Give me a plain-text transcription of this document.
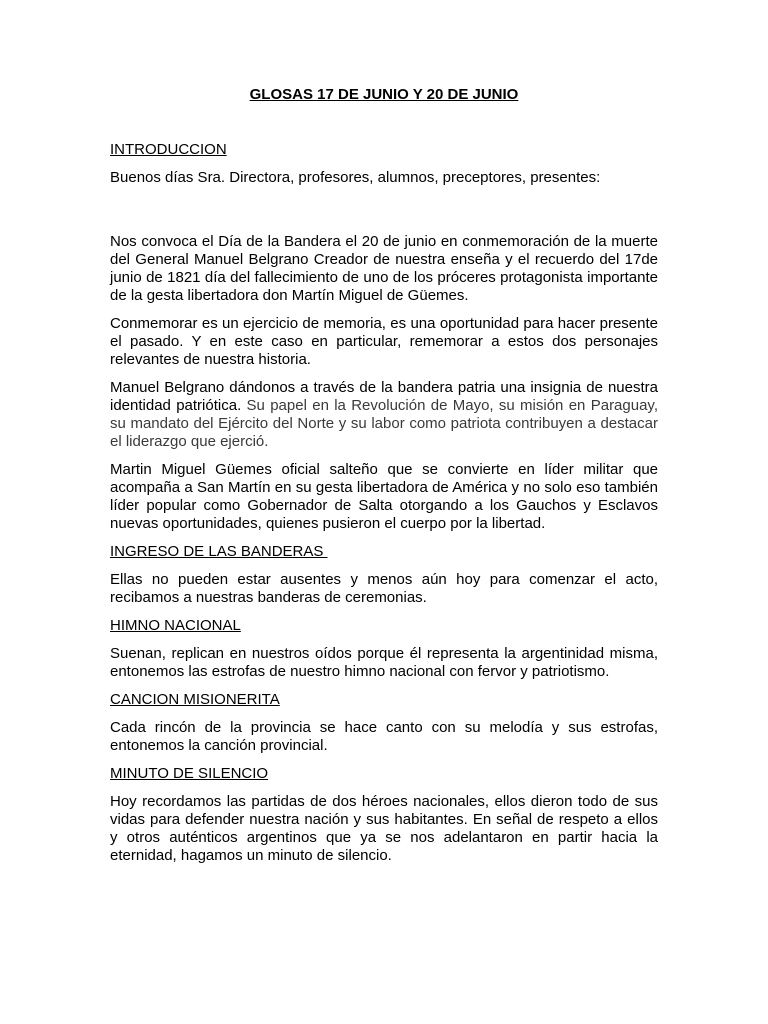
GLOSAS 17 DE JUNIO Y 20 DE JUNIO
INTRODUCCION
Buenos días Sra. Directora, profesores, alumnos, preceptores, presentes:
Nos convoca el Día de la Bandera el 20 de junio en conmemoración de la muerte del General Manuel Belgrano Creador de nuestra enseña y el recuerdo del 17de junio de 1821 día del fallecimiento de uno de los próceres protagonista importante de la gesta libertadora don Martín Miguel de Güemes.
Conmemorar es un ejercicio de memoria, es una oportunidad para hacer presente el pasado. Y en este caso en particular, rememorar a estos dos personajes relevantes de nuestra historia.
Manuel Belgrano dándonos a través de la bandera patria una insignia de nuestra identidad patriótica. Su papel en la Revolución de Mayo, su misión en Paraguay, su mandato del Ejército del Norte y su labor como patriota contribuyen a destacar el liderazgo que ejerció.
Martin Miguel Güemes oficial salteño que se convierte en líder militar que acompaña a San Martín en su gesta libertadora de América y no solo eso también líder popular como Gobernador de Salta otorgando a los Gauchos y Esclavos nuevas oportunidades, quienes pusieron el cuerpo por la libertad.
INGRESO DE LAS BANDERAS
Ellas no pueden estar ausentes y menos aún hoy para comenzar el acto, recibamos a nuestras banderas de ceremonias.
HIMNO NACIONAL
Suenan, replican en nuestros oídos porque él representa la argentinidad misma, entonemos las estrofas de nuestro himno nacional con fervor y patriotismo.
CANCION MISIONERITA
Cada rincón de la provincia se hace canto con su melodía y sus estrofas, entonemos la canción provincial.
MINUTO DE SILENCIO
Hoy recordamos las partidas de dos héroes nacionales, ellos dieron todo de sus vidas para defender nuestra nación y sus habitantes. En señal de respeto a ellos y otros auténticos argentinos que ya se nos adelantaron en partir hacia la eternidad, hagamos un minuto de silencio.
